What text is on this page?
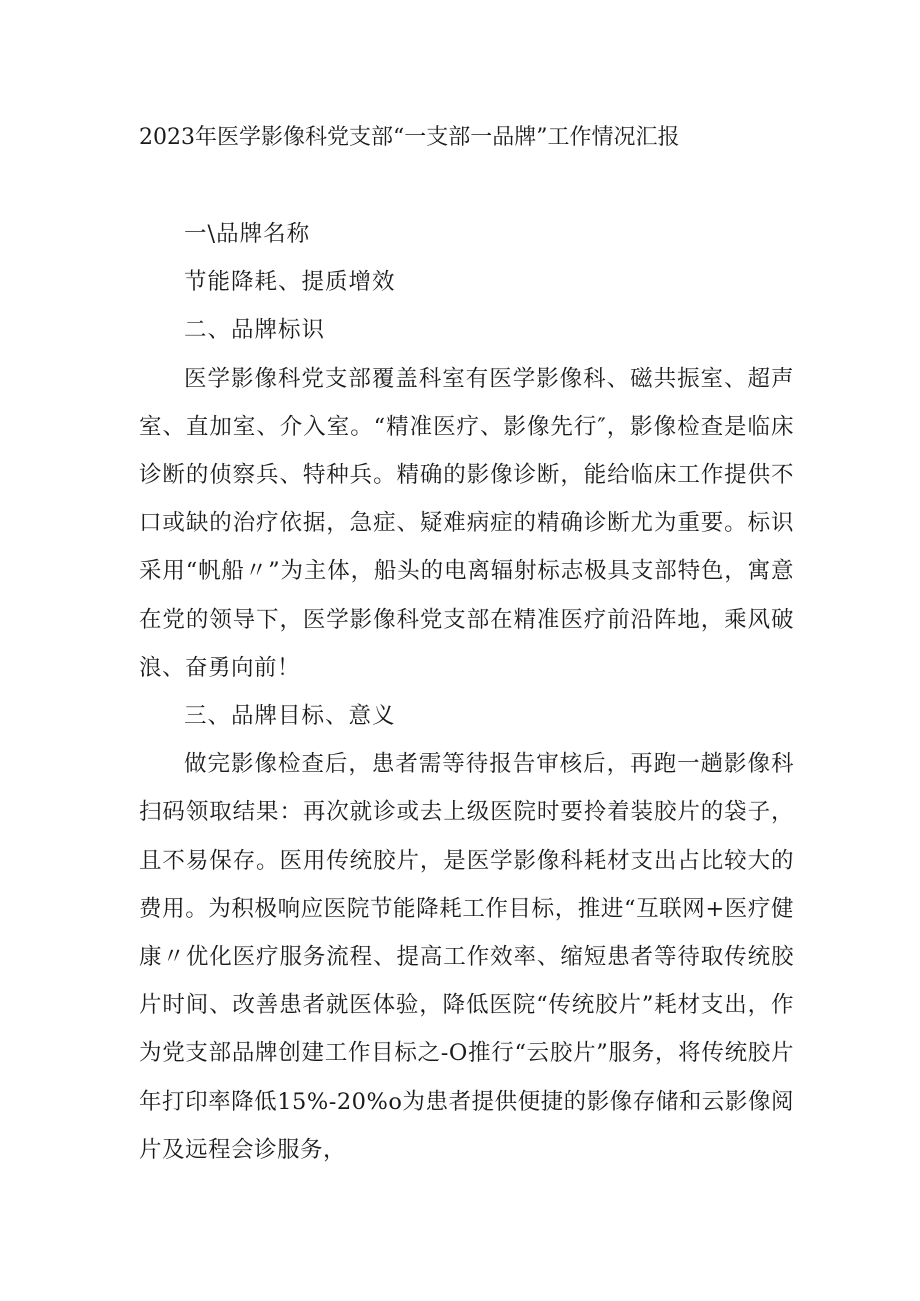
2023年医学影像科党支部“一支部一品牌”工作情况汇报

一\品牌名称

节能降耗、提质增效

二、品牌标识

医学影像科党支部覆盖科室有医学影像科、磁共振室、超声室、直加室、介入室。“精准医疗、影像先行″，影像检查是临床诊断的侦察兵、特种兵。精确的影像诊断，能给临床工作提供不口或缺的治疗依据，急症、疑难病症的精确诊断尤为重要。标识采用“帆船〃”为主体，船头的电离辐射标志极具支部特色，寓意在党的领导下，医学影像科党支部在精准医疗前沿阵地，乘风破浪、奋勇向前！

三、品牌目标、意义

做完影像检查后，患者需等待报告审核后，再跑一趟影像科扫码领取结果：再次就诊或去上级医院时要拎着装胶片的袋子，且不易保存。医用传统胶片，是医学影像科耗材支出占比较大的费用。为积极响应医院节能降耗工作目标，推进“互联网+医疗健康〃优化医疗服务流程、提高工作效率、缩短患者等待取传统胶片时间、改善患者就医体验，降低医院“传统胶片”耗材支出，作为党支部品牌创建工作目标之-O推行“云胶片”服务，将传统胶片年打印率降低15%-20%o为患者提供便捷的影像存储和云影像阅片及远程会诊服务，
